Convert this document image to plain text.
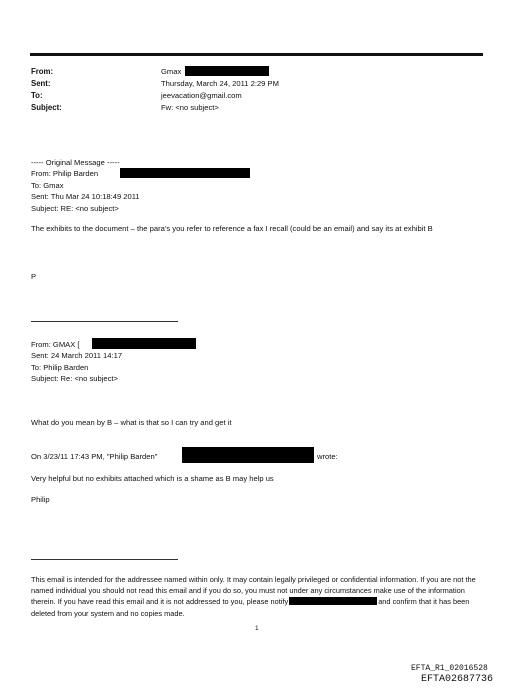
From:
Sent:
To:
Subject:
Gmax
Thursday, March 24, 2011 2:29 PM
jeevacation@gmail.com
Fw: <no subject>
----- Original Message -----
From: Philip Barden
To: Gmax
Sent: Thu Mar 24 10:18:49 2011
Subject: RE: <no subject>
The exhibits to the document – the para’s you refer to reference a fax I recall (could be an email) and say its at exhibit B
P
From: GMAX [
Sent: 24 March 2011 14:17
To: Philip Barden
Subject: Re: <no subject>
What do you mean by B – what is that so I can try and get it
On 3/23/11 17:43 PM, "Philip Barden"	wrote:
Very helpful but no exhibits attached which is a shame as B may help us
Philip
This email is intended for the addressee named within only. It may contain legally privileged or confidential information. If you are not the named individual you should not read this email and if you do so, you must not under any circumstances make use of the information therein. If you have read this email and it is not addressed to you, please notify	and confirm that it has been deleted from your system and no copies made.
1
EFTA_R1_02016528
EFTA02687736
